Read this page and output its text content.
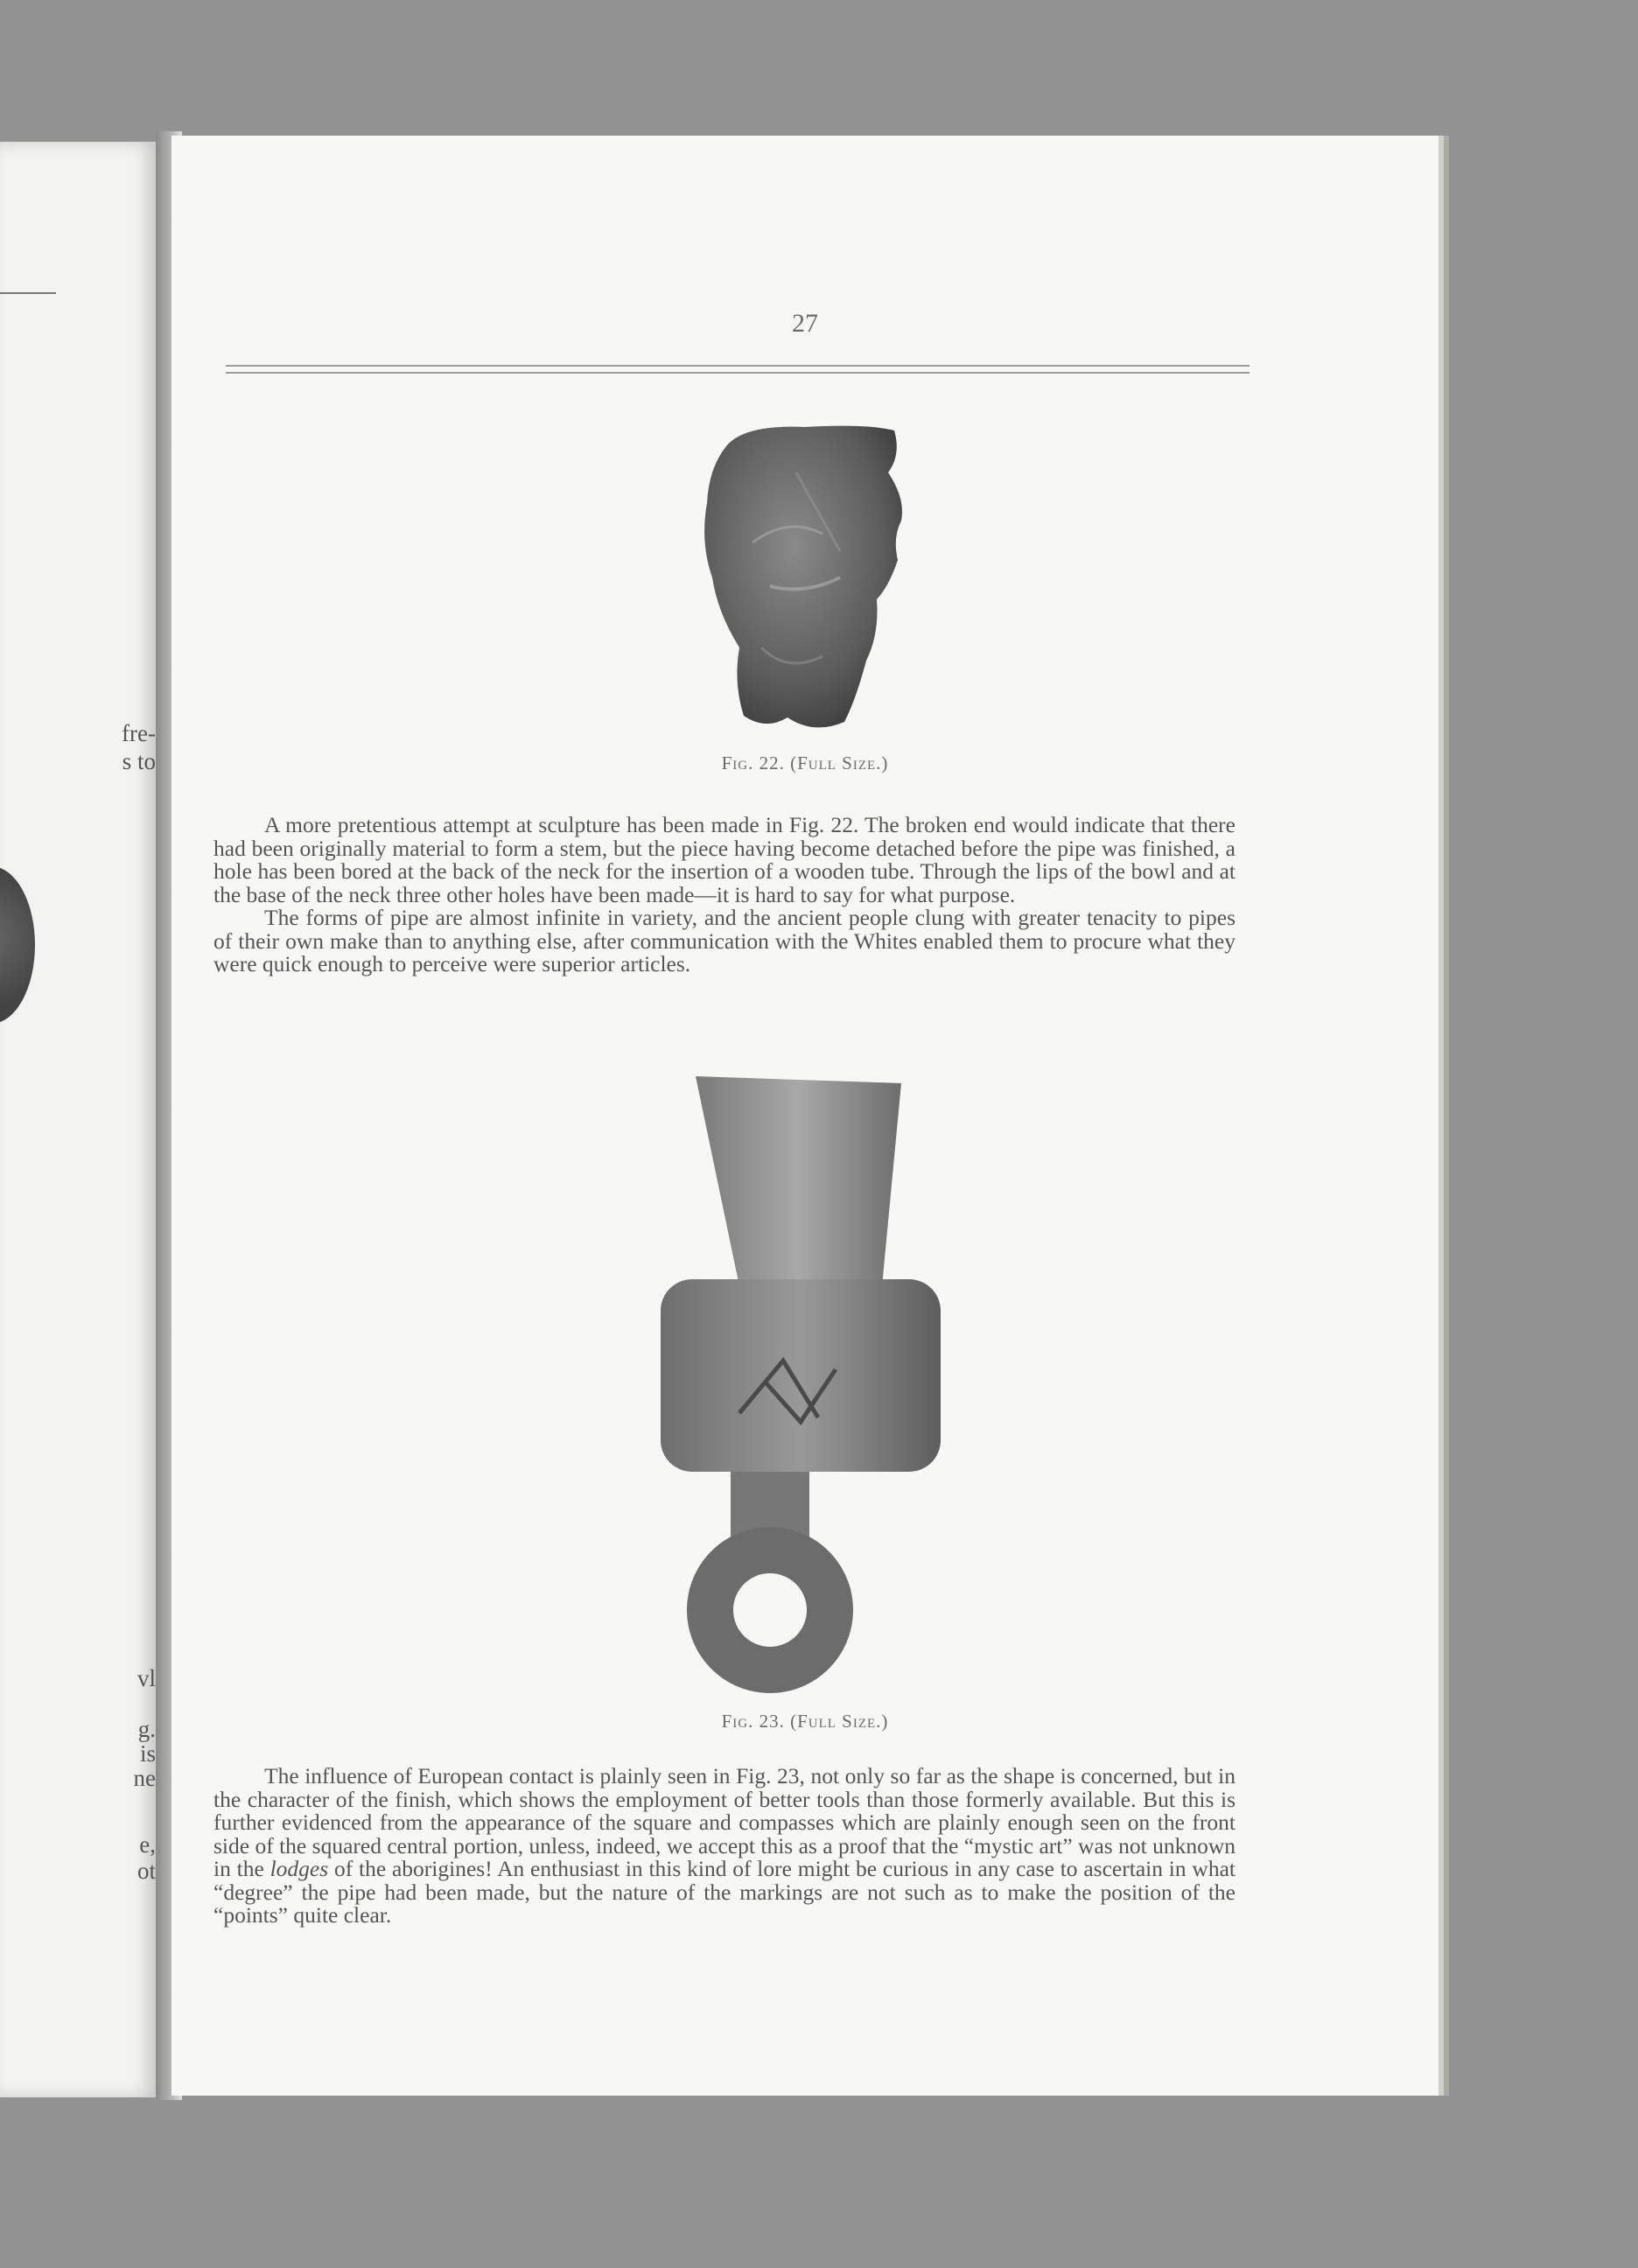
fre-
s to
vl
g.
is
ne
e,
ot
27
Fig. 22. (Full Size.)

A more pretentious attempt at sculpture has been made in Fig. 22. The broken end would indicate that there had been originally material to form a stem, but the piece having become detached before the pipe was finished, a hole has been bored at the back of the neck for the insertion of a wooden tube. Through the lips of the bowl and at the base of the neck three other holes have been made—it is hard to say for what purpose.

The forms of pipe are almost infinite in variety, and the ancient people clung with greater tenacity to pipes of their own make than to anything else, after communication with the Whites enabled them to procure what they were quick enough to perceive were superior articles.

Fig. 23. (Full Size.)

The influence of European contact is plainly seen in Fig. 23, not only so far as the shape is concerned, but in the character of the finish, which shows the employment of better tools than those formerly available. But this is further evidenced from the appearance of the square and compasses which are plainly enough seen on the front side of the squared central portion, unless, indeed, we accept this as a proof that the “mystic art” was not unknown in the lodges of the aborigines! An enthusiast in this kind of lore might be curious in any case to ascertain in what “degree” the pipe had been made, but the nature of the markings are not such as to make the position of the “points” quite clear.
